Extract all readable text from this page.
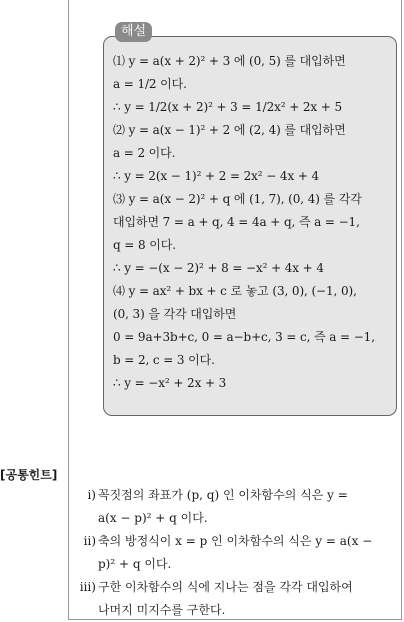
해설
⑴ y = a(x + 2)² + 3 에 (0, 5) 를 대입하면
a = 1/2 이다.
∴ y = 1/2(x + 2)² + 3 = 1/2x² + 2x + 5
⑵ y = a(x − 1)² + 2 에 (2, 4) 를 대입하면
a = 2 이다.
∴ y = 2(x − 1)² + 2 = 2x² − 4x + 4
⑶ y = a(x − 2)² + q 에 (1, 7), (0, 4) 를 각각
대입하면 7 = a + q, 4 = 4a + q, 즉 a = −1,
q = 8 이다.
∴ y = −(x − 2)² + 8 = −x² + 4x + 4
⑷ y = ax² + bx + c 로 놓고 (3, 0), (−1, 0),
(0, 3) 을 각각 대입하면
0 = 9a+3b+c, 0 = a−b+c, 3 = c, 즉 a = −1,
b = 2, c = 3 이다.
∴ y = −x² + 2x + 3
[공통힌트]
ⅰ) 꼭짓점의 좌표가 (p, q) 인 이차함수의 식은 y =
a(x − p)² + q 이다.
ⅱ) 축의 방정식이 x = p 인 이차함수의 식은 y = a(x −
p)² + q 이다.
ⅲ) 구한 이차함수의 식에 지나는 점을 각각 대입하여
나머지 미지수를 구한다.
